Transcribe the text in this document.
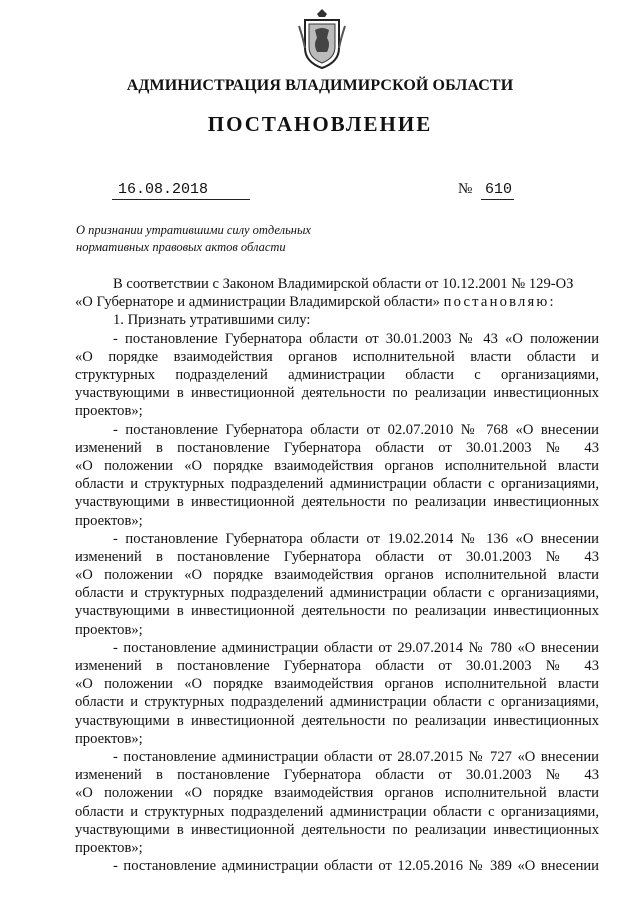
АДМИНИСТРАЦИЯ ВЛАДИМИРСКОЙ ОБЛАСТИ
ПОСТАНОВЛЕНИЕ
16.08.2018	№ 610
О признании утратившими силу отдельных
нормативных правовых актов области
В соответствии с Законом Владимирской области от 10.12.2001 № 129-ОЗ
«О Губернаторе и администрации Владимирской области» постановляю:
1. Признать утратившими силу:
- постановление Губернатора области от 30.01.2003 № 43 «О положении
«О порядке взаимодействия органов исполнительной власти области и
структурных подразделений администрации области с организациями,
участвующими в инвестиционной деятельности по реализации инвестиционных
проектов»;
- постановление Губернатора области от 02.07.2010 № 768 «О внесении
изменений в постановление Губернатора области от 30.01.2003 № 43
«О положении «О порядке взаимодействия органов исполнительной власти
области и структурных подразделений администрации области с организациями,
участвующими в инвестиционной деятельности по реализации инвестиционных
проектов»;
- постановление Губернатора области от 19.02.2014 № 136 «О внесении
изменений в постановление Губернатора области от 30.01.2003 № 43
«О положении «О порядке взаимодействия органов исполнительной власти
области и структурных подразделений администрации области с организациями,
участвующими в инвестиционной деятельности по реализации инвестиционных
проектов»;
- постановление администрации области от 29.07.2014 № 780 «О внесении
изменений в постановление Губернатора области от 30.01.2003 № 43
«О положении «О порядке взаимодействия органов исполнительной власти
области и структурных подразделений администрации области с организациями,
участвующими в инвестиционной деятельности по реализации инвестиционных
проектов»;
- постановление администрации области от 28.07.2015 № 727 «О внесении
изменений в постановление Губернатора области от 30.01.2003 № 43
«О положении «О порядке взаимодействия органов исполнительной власти
области и структурных подразделений администрации области с организациями,
участвующими в инвестиционной деятельности по реализации инвестиционных
проектов»;
- постановление администрации области от 12.05.2016 № 389 «О внесении
